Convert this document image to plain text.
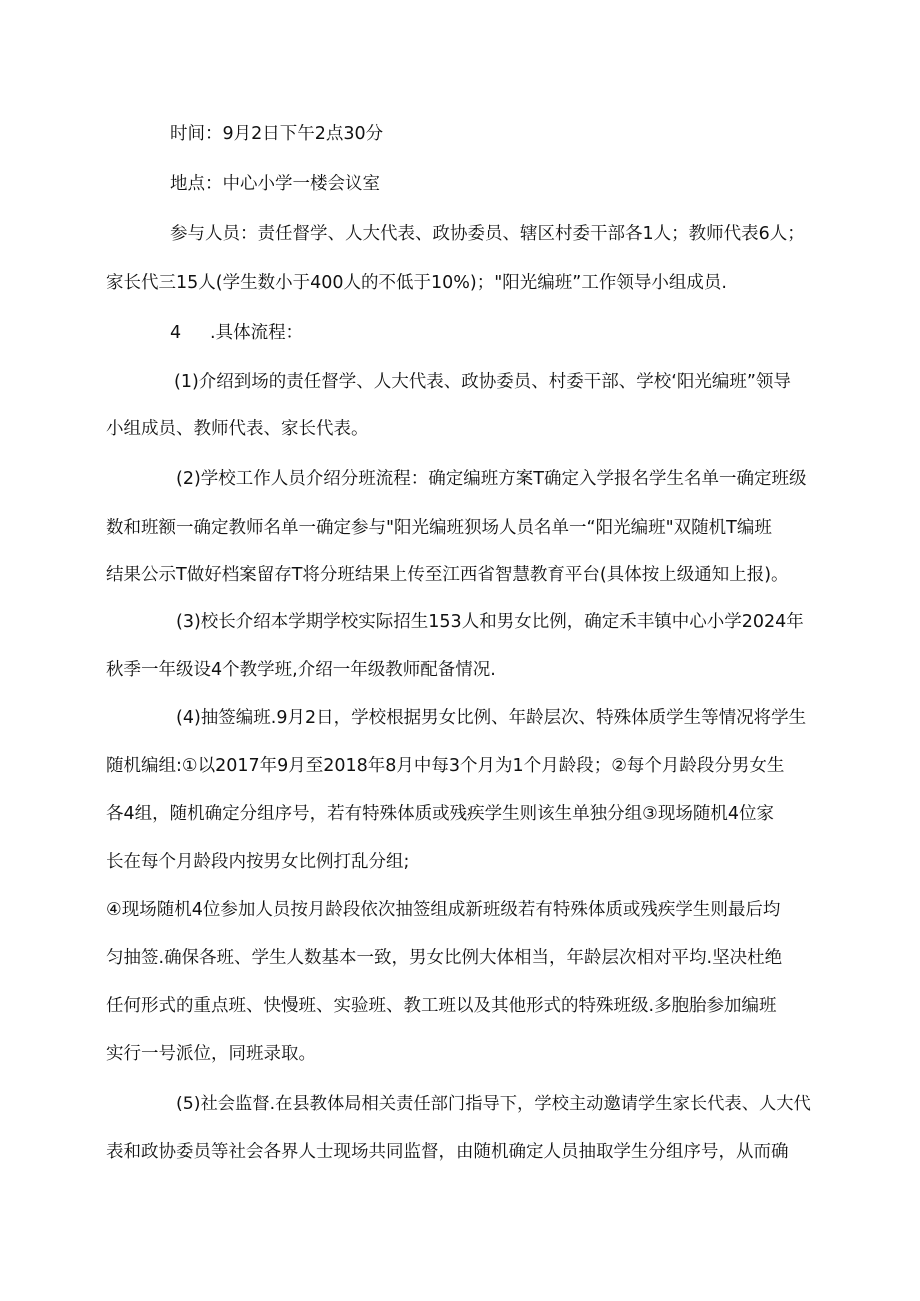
时间：9月2日下午2点30分

地点：中心小学一楼会议室

参与人员：责任督学、人大代表、政协委员、辖区村委干部各1人；教师代表6人；

家长代三15人(学生数小于400人的不低于10%)；"阳光编班”工作领导小组成员.

4 .具体流程：

(1)介绍到场的责任督学、人大代表、政协委员、村委干部、学校‘阳光编班”领导

小组成员、教师代表、家长代表。

(2)学校工作人员介绍分班流程：确定编班方案T确定入学报名学生名单一确定班级

数和班额一确定教师名单一确定参与"阳光编班狈场人员名单一“阳光编班"双随机T编班

结果公示T做好档案留存T将分班结果上传至江西省智慧教育平台(具体按上级通知上报)。

(3)校长介绍本学期学校实际招生153人和男女比例，确定禾丰镇中心小学2024年

秋季一年级设4个教学班,介绍一年级教师配备情况.

(4)抽签编班.9月2日，学校根据男女比例、年龄层次、特殊体质学生等情况将学生

随机编组:①以2017年9月至2018年8月中每3个月为1个月龄段；②每个月龄段分男女生

各4组，随机确定分组序号，若有特殊体质或残疾学生则该生单独分组③现场随机4位家

长在每个月龄段内按男女比例打乱分组;

④现场随机4位参加人员按月龄段依次抽签组成新班级若有特殊体质或残疾学生则最后均

匀抽签.确保各班、学生人数基本一致，男女比例大体相当，年龄层次相对平均.坚决杜绝

任何形式的重点班、快慢班、实验班、教工班以及其他形式的特殊班级.多胞胎参加编班

实行一号派位，同班录取。

(5)社会监督.在县教体局相关责任部门指导下，学校主动邀请学生家长代表、人大代

表和政协委员等社会各界人士现场共同监督，由随机确定人员抽取学生分组序号，从而确
